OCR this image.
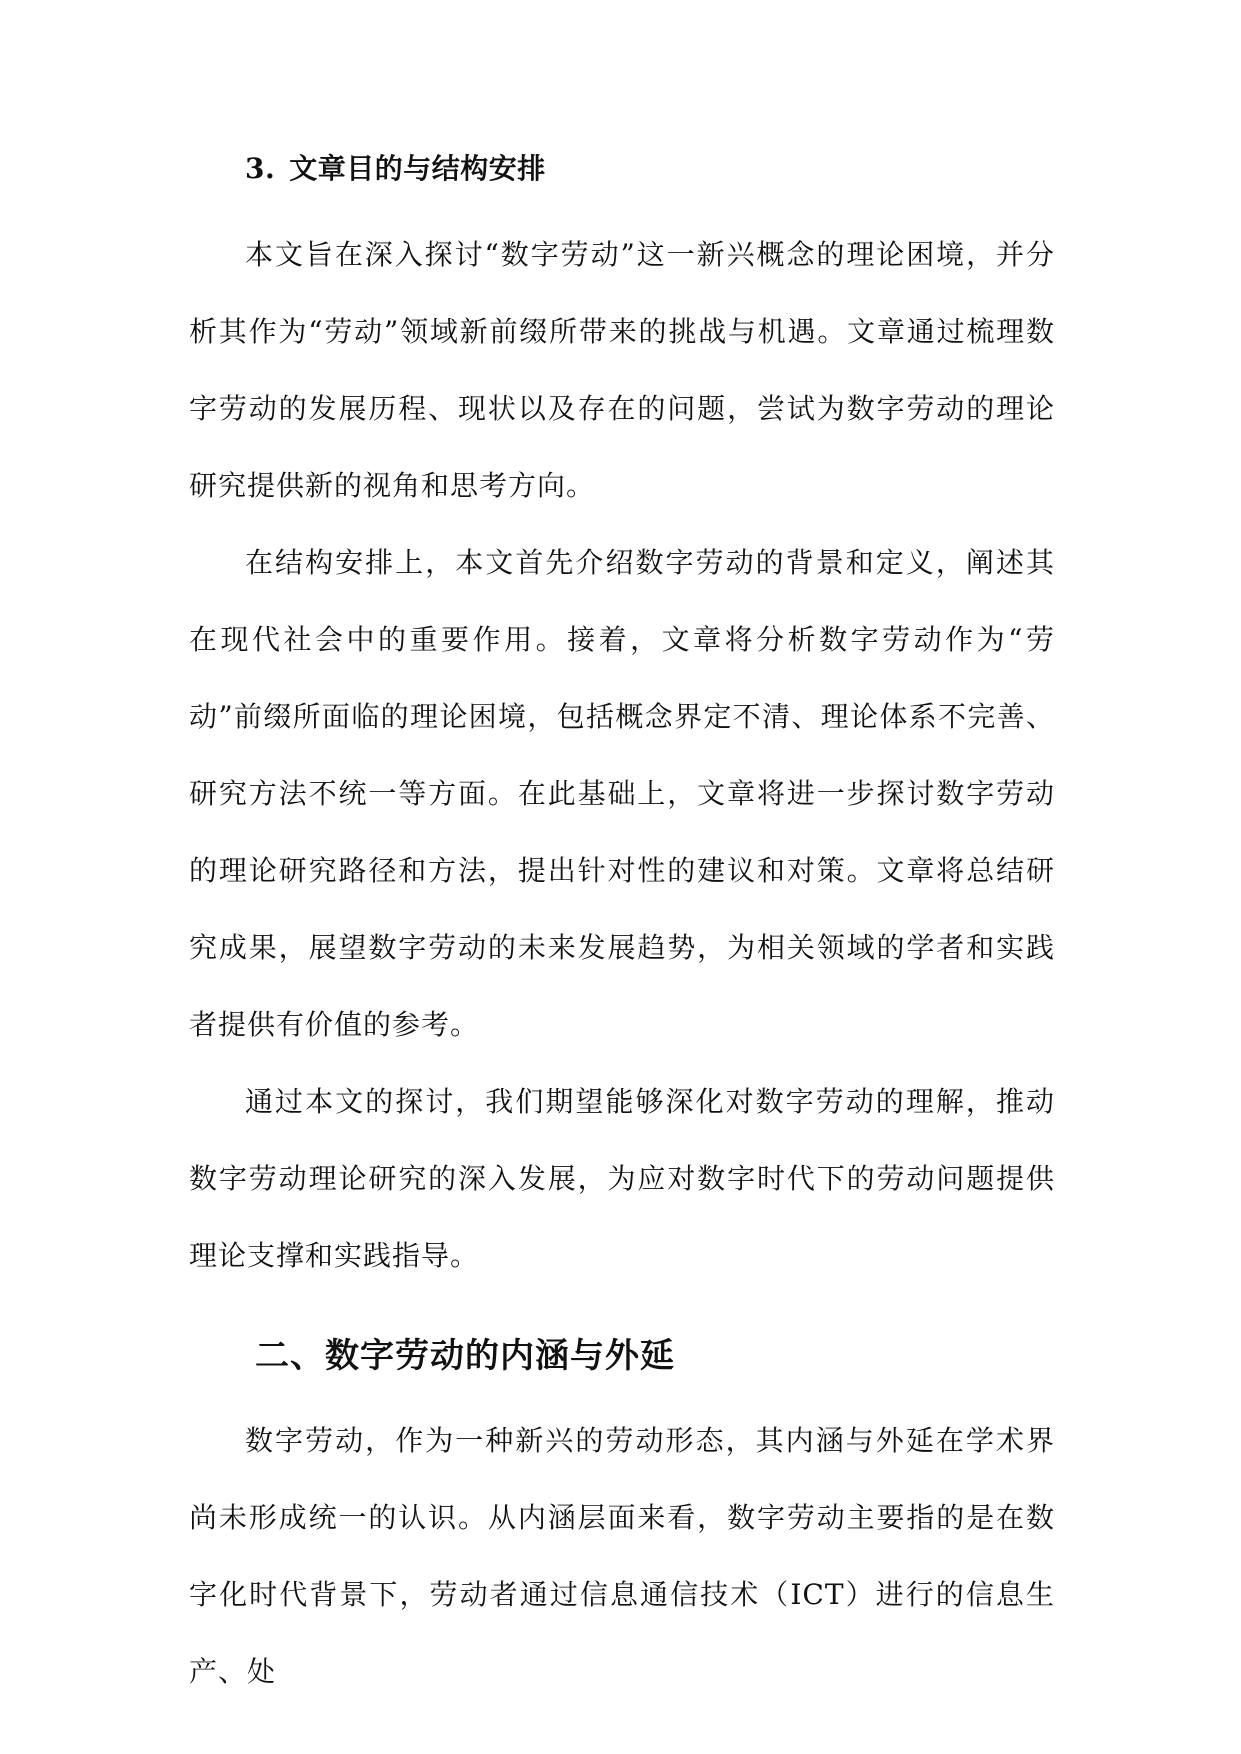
3. 文章目的与结构安排

本文旨在深入探讨“数字劳动”这一新兴概念的理论困境，并分析其作为“劳动”领域新前缀所带来的挑战与机遇。文章通过梳理数字劳动的发展历程、现状以及存在的问题，尝试为数字劳动的理论研究提供新的视角和思考方向。

在结构安排上，本文首先介绍数字劳动的背景和定义，阐述其在现代社会中的重要作用。接着，文章将分析数字劳动作为“劳动”前缀所面临的理论困境，包括概念界定不清、理论体系不完善、研究方法不统一等方面。在此基础上，文章将进一步探讨数字劳动的理论研究路径和方法，提出针对性的建议和对策。文章将总结研究成果，展望数字劳动的未来发展趋势，为相关领域的学者和实践者提供有价值的参考。

通过本文的探讨，我们期望能够深化对数字劳动的理解，推动数字劳动理论研究的深入发展，为应对数字时代下的劳动问题提供理论支撑和实践指导。

二、数字劳动的内涵与外延

数字劳动，作为一种新兴的劳动形态，其内涵与外延在学术界尚未形成统一的认识。从内涵层面来看，数字劳动主要指的是在数字化时代背景下，劳动者通过信息通信技术（ICT）进行的信息生产、处
